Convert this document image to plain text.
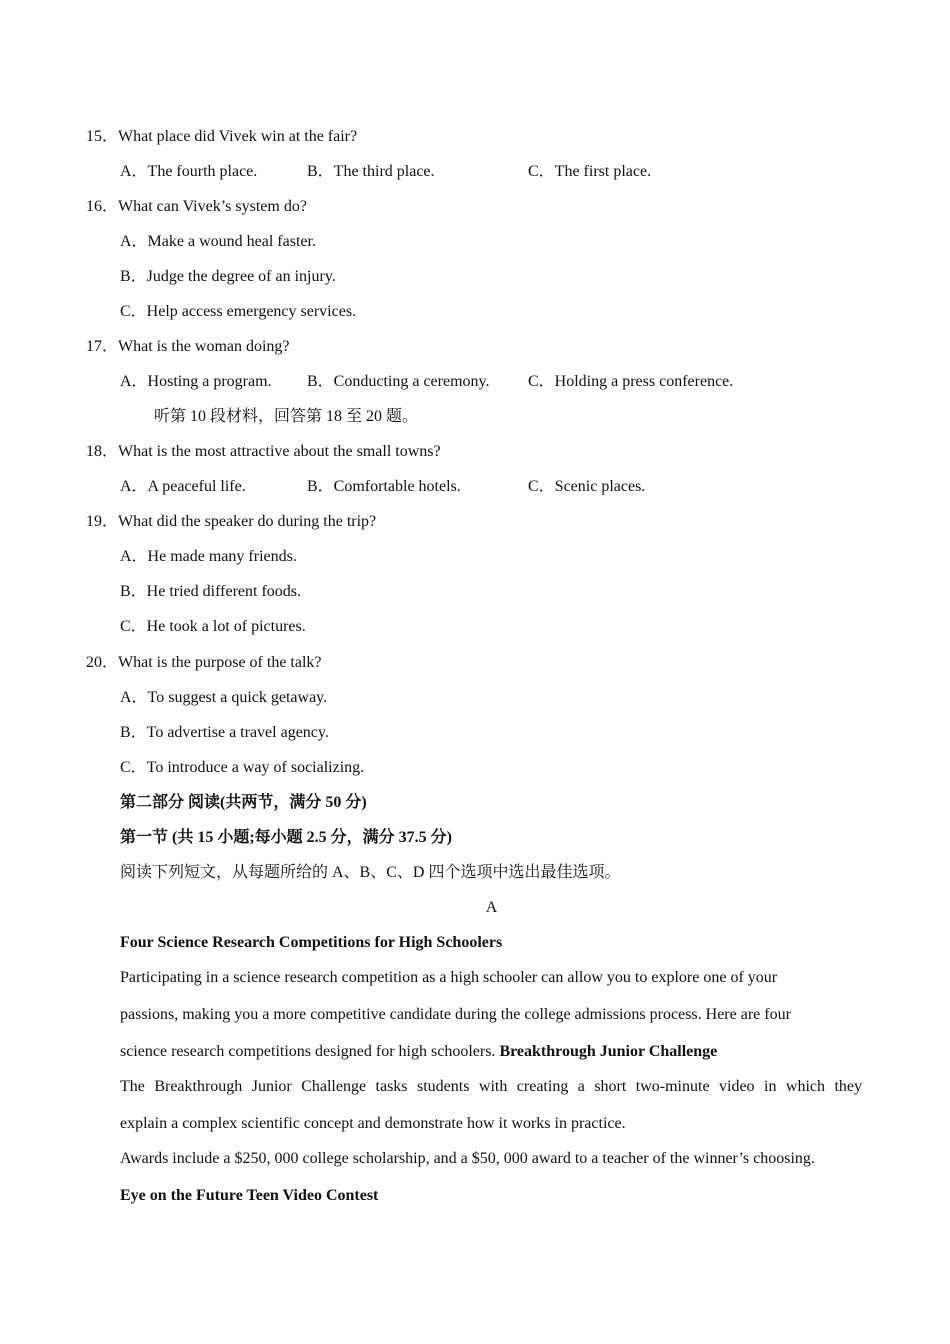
15．What place did Vivek win at the fair?
A．The fourth place.	B．The third place.	C．The first place.
16．What can Vivek’s system do?
A．Make a wound heal faster.
B．Judge the degree of an injury.
C．Help access emergency services.
17．What is the woman doing?
A．Hosting a program. B．Conducting a ceremony. C．Holding a press conference.
听第 10 段材料，回答第 18 至 20 题。
18．What is the most attractive about the small towns?
A．A peaceful life.	B．Comfortable hotels.	C．Scenic places.
19．What did the speaker do during the trip?
A．He made many friends.
B．He tried different foods.
C．He took a lot of pictures.
20．What is the purpose of the talk?
A．To suggest a quick getaway.
B．To advertise a travel agency.
C．To introduce a way of socializing.
第二部分 阅读(共两节，满分 50 分)
第一节 (共 15 小题;每小题 2.5 分，满分 37.5 分)
阅读下列短文，从每题所给的 A、B、C、D 四个选项中选出最佳选项。
A
Four Science Research Competitions for High Schoolers
Participating in a science research competition as a high schooler can allow you to explore one of your
passions, making you a more competitive candidate during the college admissions process. Here are four
science research competitions designed for high schoolers. Breakthrough Junior Challenge
The Breakthrough Junior Challenge tasks students with creating a short two-minute video in which they
explain a complex scientific concept and demonstrate how it works in practice.
Awards include a $250, 000 college scholarship, and a $50, 000 award to a teacher of the winner’s choosing.
Eye on the Future Teen Video Contest
